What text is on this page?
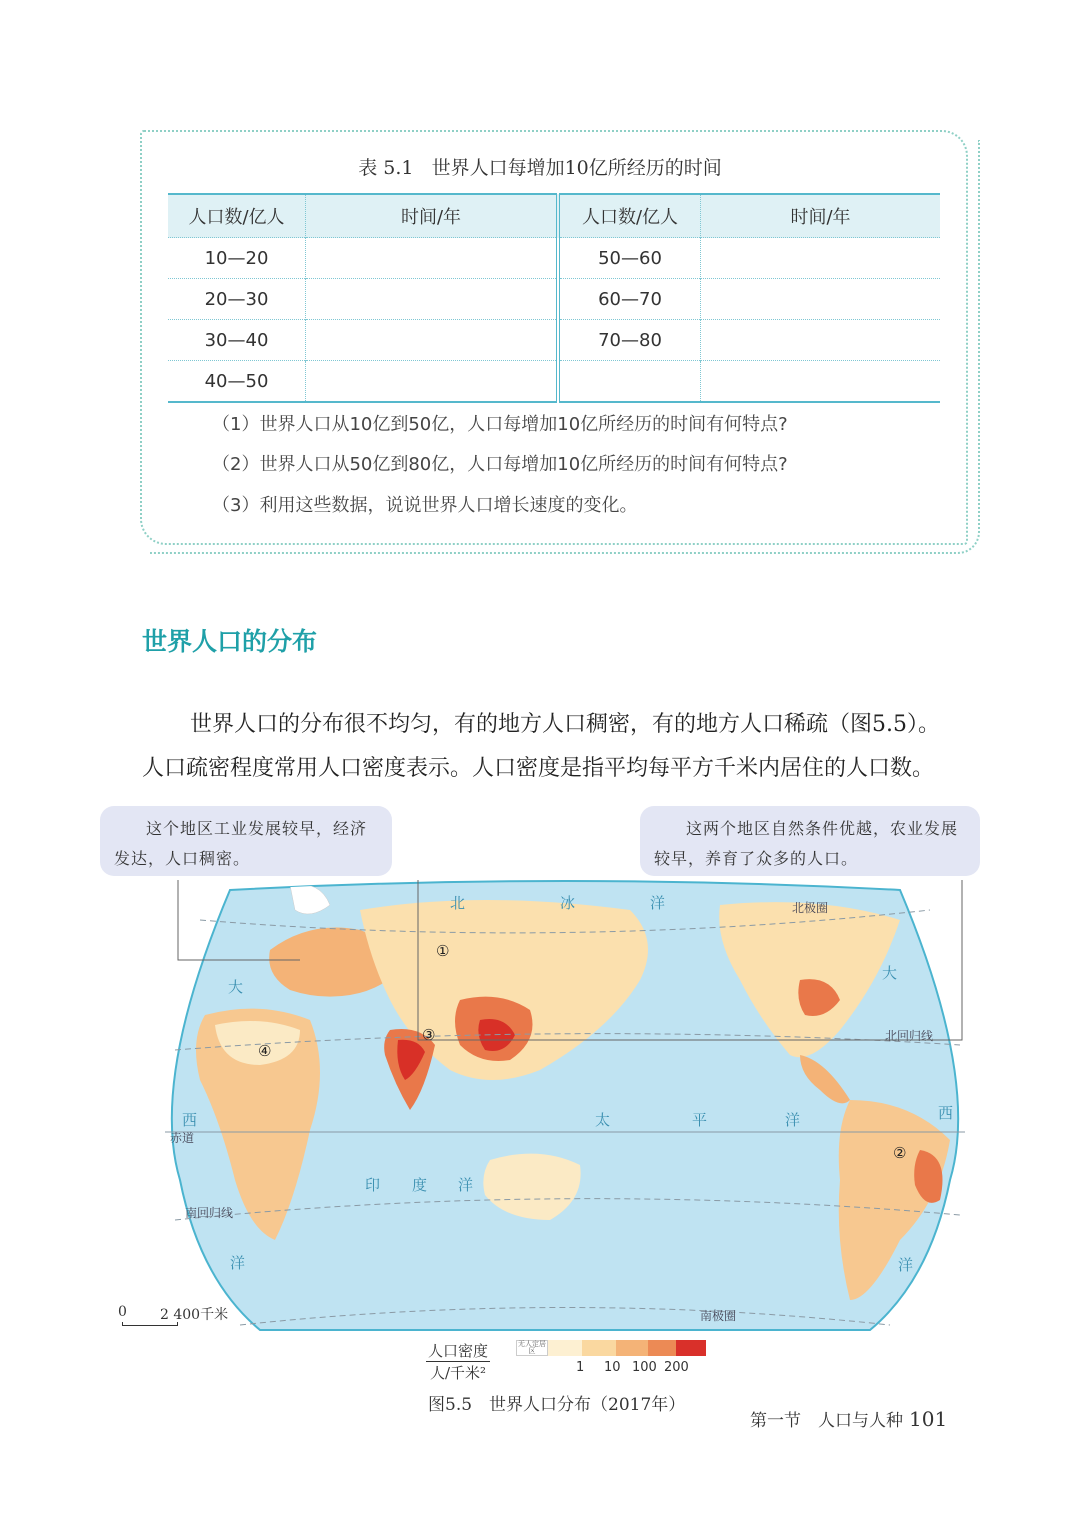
表 5.1 世界人口每增加10亿所经历的时间
人口数/亿人	时间/年	人口数/亿人	时间/年
10—20		50—60	
20—30		60—70	
30—40		70—80	
40—50			
（1）世界人口从10亿到50亿，人口每增加10亿所经历的时间有何特点?
（2）世界人口从50亿到80亿，人口每增加10亿所经历的时间有何特点?
（3）利用这些数据，说说世界人口增长速度的变化。
世界人口的分布
世界人口的分布很不均匀，有的地方人口稠密，有的地方人口稀疏（图5.5）。
人口疏密程度常用人口密度表示。人口密度是指平均每平方千米内居住的人口数。
这个地区工业发展较早，经济发达，人口稠密。
这两个地区自然条件优越，农业发展较早，养育了众多的人口。
北	冰	洋
大
西
洋
大
西
洋
太	平	洋
印 度 洋
北极圈
北回归线
赤道
南回归线
南极圈
①
②
③
④
0 2 400千米
人口密度
人/千米²
无人定居区
1 10 100 200
图5.5　世界人口分布（2017年）
第一节　人口与人种 101
